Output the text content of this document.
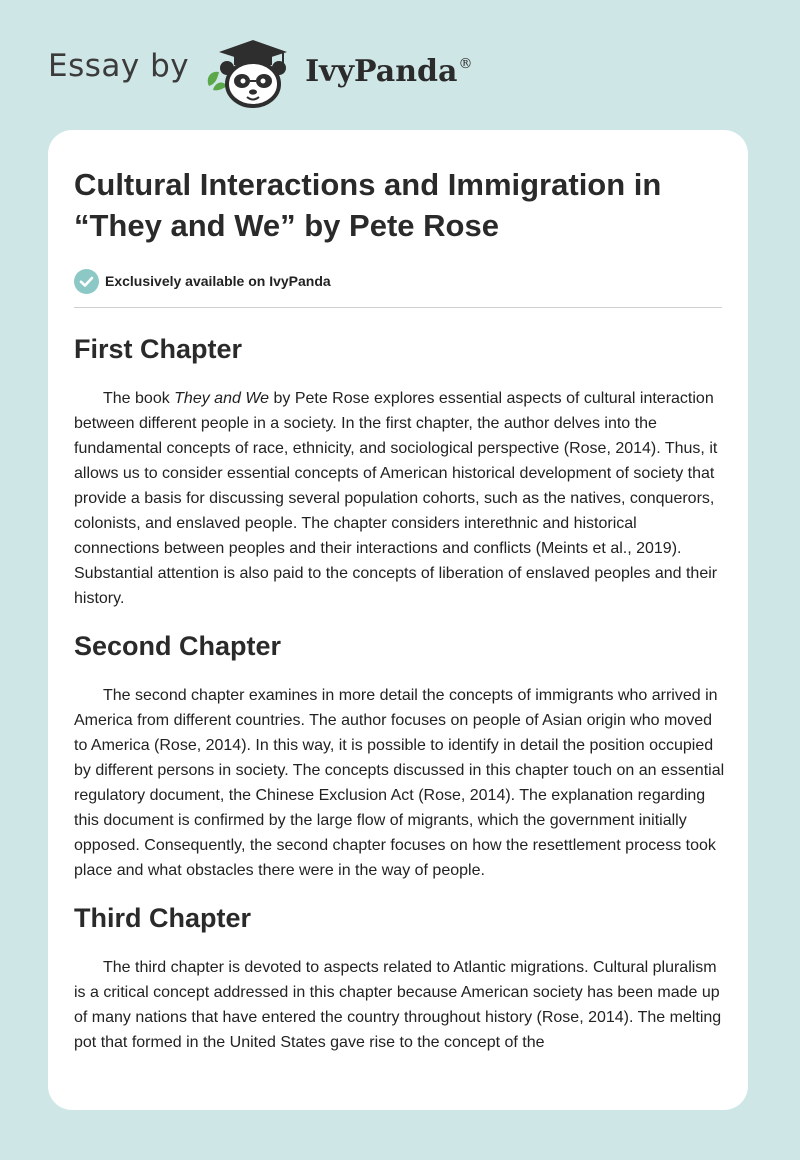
Essay by	IvyPanda®
Cultural Interactions and Immigration in
“They and We” by Pete Rose
Exclusively available on IvyPanda
First Chapter

The book They and We by Pete Rose explores essential aspects of cultural interaction between different people in a society. In the first chapter, the author delves into the fundamental concepts of race, ethnicity, and sociological perspective (Rose, 2014). Thus, it allows us to consider essential concepts of American historical development of society that provide a basis for discussing several population cohorts, such as the natives, conquerors, colonists, and enslaved people. The chapter considers interethnic and historical connections between peoples and their interactions and conflicts (Meints et al., 2019). Substantial attention is also paid to the concepts of liberation of enslaved peoples and their history.

Second Chapter

The second chapter examines in more detail the concepts of immigrants who arrived in America from different countries. The author focuses on people of Asian origin who moved to America (Rose, 2014). In this way, it is possible to identify in detail the position occupied by different persons in society. The concepts discussed in this chapter touch on an essential regulatory document, the Chinese Exclusion Act (Rose, 2014). The explanation regarding this document is confirmed by the large flow of migrants, which the government initially opposed. Consequently, the second chapter focuses on how the resettlement process took place and what obstacles there were in the way of people.

Third Chapter

The third chapter is devoted to aspects related to Atlantic migrations. Cultural pluralism is a critical concept addressed in this chapter because American society has been made up of many nations that have entered the country throughout history (Rose, 2014). The melting pot that formed in the United States gave rise to the concept of the
